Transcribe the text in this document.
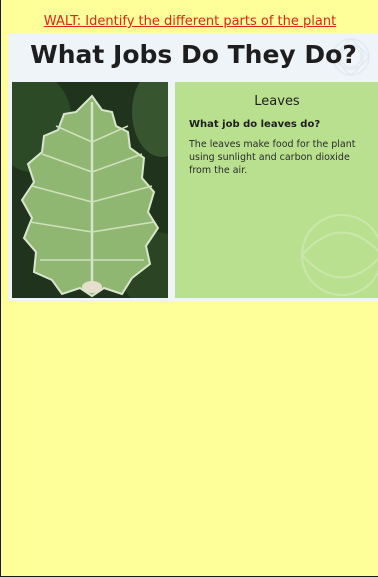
WALT: Identify the different parts of the plant
What Jobs Do They Do?
Leaves
What job do leaves do?
The leaves make food for the plant using sunlight and carbon dioxide from the air.
